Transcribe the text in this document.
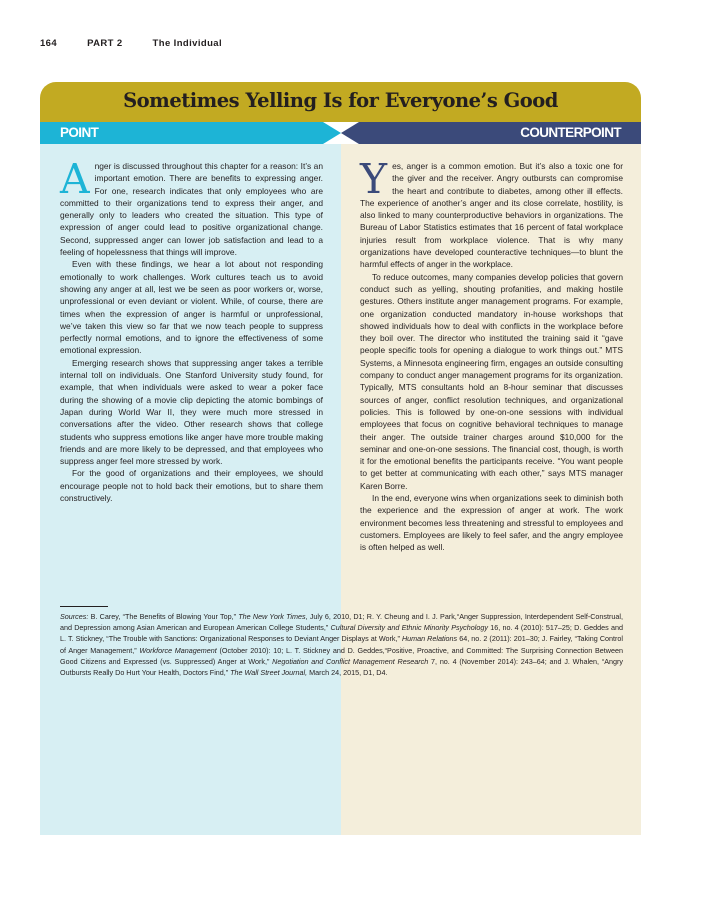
164	PART 2	The Individual
Sometimes Yelling Is for Everyone’s Good
POINT	COUNTERPOINT

Anger is discussed throughout this chapter for a reason: It’s an important emotion. There are benefits to expressing anger. For one, research indicates that only employees who are committed to their organizations tend to express their anger, and generally only to leaders who created the situation. This type of expression of anger could lead to positive organizational change. Second, suppressed anger can lower job satisfaction and lead to a feeling of hopelessness that things will improve.

Even with these findings, we hear a lot about not responding emotionally to work challenges. Work cultures teach us to avoid showing any anger at all, lest we be seen as poor workers or, worse, unprofessional or even deviant or violent. While, of course, there are times when the expression of anger is harmful or unprofessional, we’ve taken this view so far that we now teach people to suppress perfectly normal emotions, and to ignore the effectiveness of some emotional expression.

Emerging research shows that suppressing anger takes a terrible internal toll on individuals. One Stanford University study found, for example, that when individuals were asked to wear a poker face during the showing of a movie clip depicting the atomic bombings of Japan during World War II, they were much more stressed in conversations after the video. Other research shows that college students who suppress emotions like anger have more trouble making friends and are more likely to be depressed, and that employees who suppress anger feel more stressed by work.

For the good of organizations and their employees, we should encourage people not to hold back their emotions, but to share them constructively.

Yes, anger is a common emotion. But it’s also a toxic one for the giver and the receiver. Angry outbursts can compromise the heart and contribute to diabetes, among other ill effects. The experience of another’s anger and its close correlate, hostility, is also linked to many counterproductive behaviors in organizations. The Bureau of Labor Statistics estimates that 16 percent of fatal workplace injuries result from workplace violence. That is why many organizations have developed counteractive techniques—to blunt the harmful effects of anger in the workplace.

To reduce outcomes, many companies develop policies that govern conduct such as yelling, shouting profanities, and making hostile gestures. Others institute anger management programs. For example, one organization conducted mandatory in-house workshops that showed individuals how to deal with conflicts in the workplace before they boil over. The director who instituted the training said it “gave people specific tools for opening a dialogue to work things out.” MTS Systems, a Minnesota engineering firm, engages an outside consulting company to conduct anger management programs for its organization. Typically, MTS consultants hold an 8-hour seminar that discusses sources of anger, conflict resolution techniques, and organizational policies. This is followed by one-on-one sessions with individual employees that focus on cognitive behavioral techniques to manage their anger. The outside trainer charges around $10,000 for the seminar and one-on-one sessions. The financial cost, though, is worth it for the emotional benefits the participants receive. “You want people to get better at communicating with each other,” says MTS manager Karen Borre.

In the end, everyone wins when organizations seek to diminish both the experience and the expression of anger at work. The work environment becomes less threatening and stressful to employees and customers. Employees are likely to feel safer, and the angry employee is often helped as well.

Sources: B. Carey, “The Benefits of Blowing Your Top,” The New York Times, July 6, 2010, D1; R. Y. Cheung and I. J. Park,“Anger Suppression, Interdependent Self-Construal, and Depression among Asian American and European American College Students,” Cultural Diversity and Ethnic Minority Psychology 16, no. 4 (2010): 517–25; D. Geddes and L. T. Stickney, “The Trouble with Sanctions: Organizational Responses to Deviant Anger Displays at Work,” Human Relations 64, no. 2 (2011): 201–30; J. Fairley, “Taking Control of Anger Management,” Workforce Management (October 2010): 10; L. T. Stickney and D. Geddes,“Positive, Proactive, and Committed: The Surprising Connection Between Good Citizens and Expressed (vs. Suppressed) Anger at Work,” Negotiation and Conflict Management Research 7, no. 4 (November 2014): 243–64; and J. Whalen, “Angry Outbursts Really Do Hurt Your Health, Doctors Find,” The Wall Street Journal, March 24, 2015, D1, D4.
